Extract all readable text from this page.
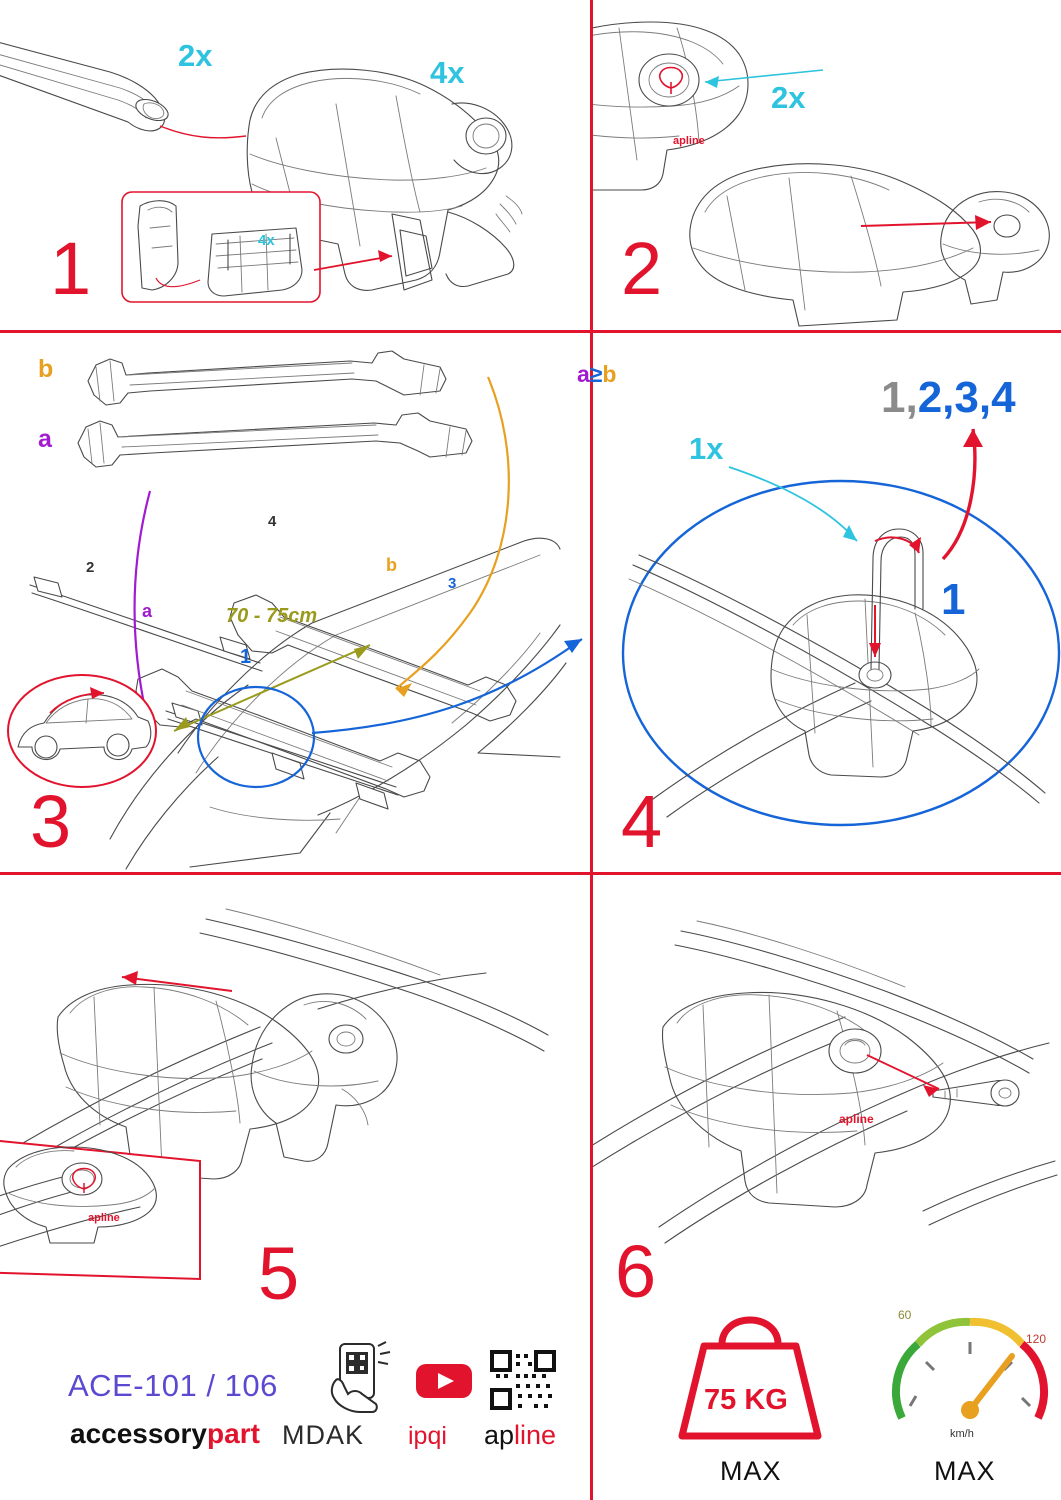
2x	4x
4x
1
apline
2x
2
b
a
a
b
70 - 75cm
1
2
3
4
3
a≥b
1x
1,2,3,4
1
4
apline
5
apline
6
ACE-101 / 106
accessorypart MDAK ipqi apline
75 KG
MAX
60
120
km/h
MAX
